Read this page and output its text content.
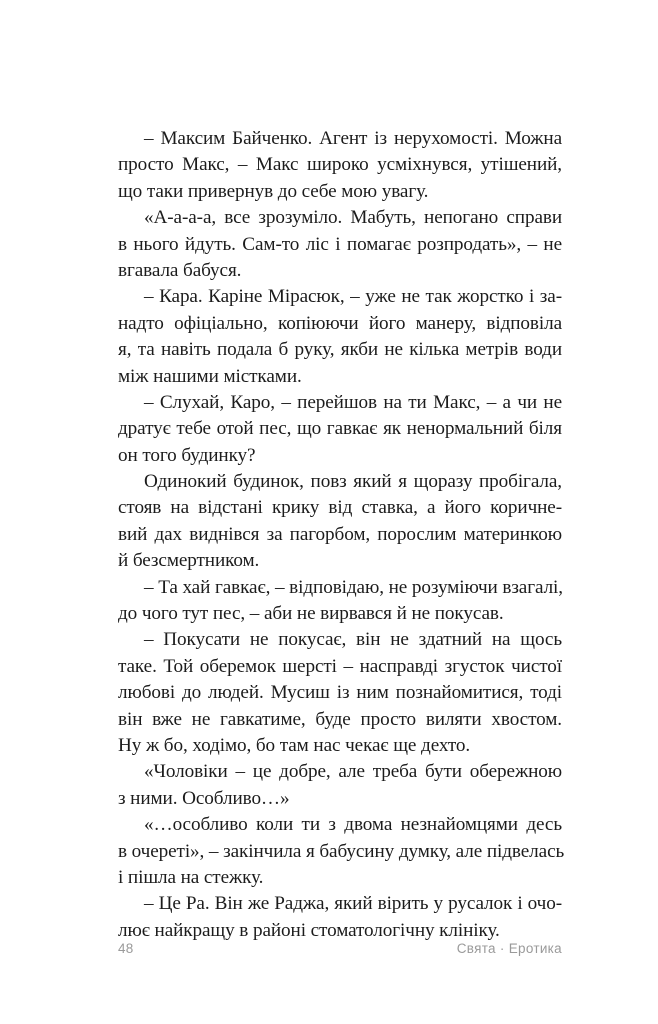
– Максим Байченко. Агент із нерухомості. Можна
просто Макс, – Макс широко усміхнувся, утішений,
що таки привернув до себе мою увагу.
«А-а-а-а, все зрозуміло. Мабуть, непогано справи
в нього йдуть. Сам-то ліс і помагає розпродать», – не
вгавала бабуся.
– Кара. Каріне Мірасюк, – уже не так жорстко і за-
надто офіціально, копіюючи його манеру, відповіла
я, та навіть подала б руку, якби не кілька метрів води
між нашими містками.
– Слухай, Каро, – перейшов на ти Макс, – а чи не
дратує тебе отой пес, що гавкає як ненормальний біля
он того будинку?
Одинокий будинок, повз який я щоразу пробігала,
стояв на відстані крику від ставка, а його коричне-
вий дах виднівся за пагорбом, порослим материнкою
й безсмертником.
– Та хай гавкає, – відповідаю, не розуміючи взагалі,
до чого тут пес, – аби не вирвався й не покусав.
– Покусати не покусає, він не здатний на щось
таке. Той оберемок шерсті – насправді згусток чистої
любові до людей. Мусиш із ним познайомитися, тоді
він вже не гавкатиме, буде просто виляти хвостом.
Ну ж бо, ходімо, бо там нас чекає ще дехто.
«Чоловіки – це добре, але треба бути обережною
з ними. Особливо…»
«…особливо коли ти з двома незнайомцями десь
в очереті», – закінчила я бабусину думку, але підвелась
і пішла на стежку.
– Це Ра. Він же Раджа, який вірить у русалок і очо-
лює найкращу в районі стоматологічну клініку.
48	Свята · Еротика
